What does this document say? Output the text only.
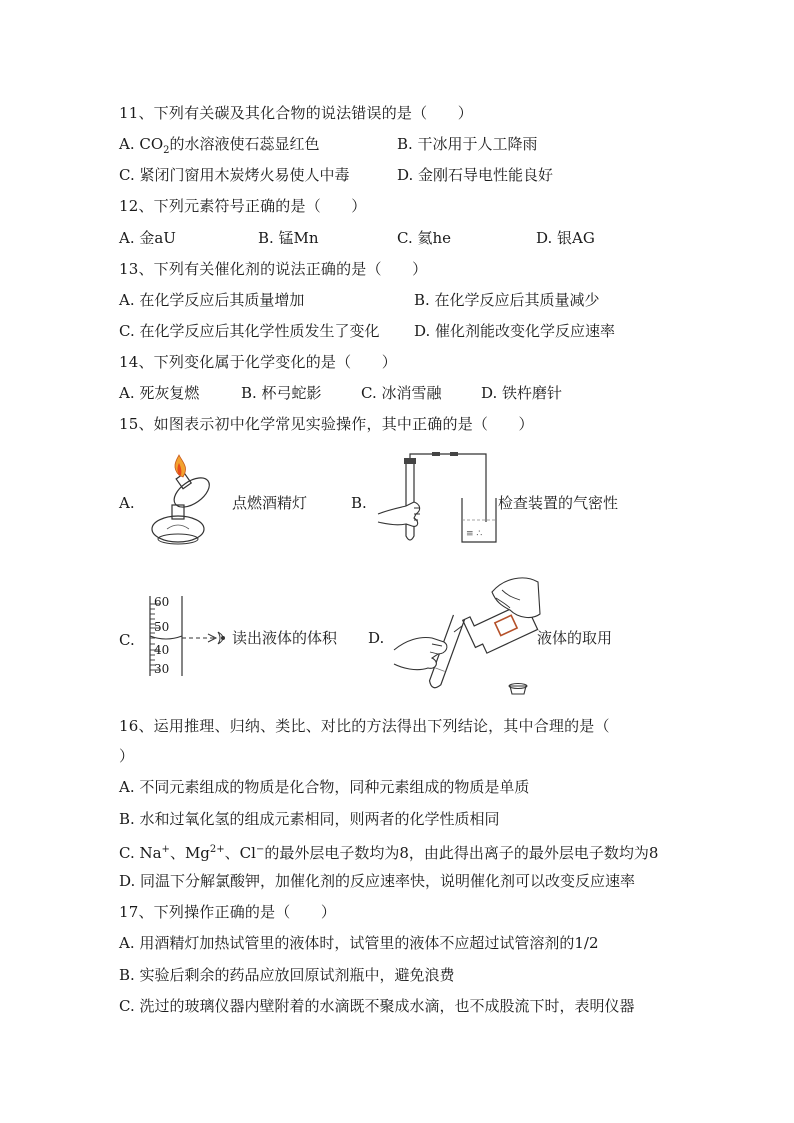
11、下列有关碳及其化合物的说法错误的是（　　）
A. $CO_2$的水溶液使石蕊显红色	B. 干冰用于人工降雨
C. 紧闭门窗用木炭烤火易使人中毒	D. 金刚石导电性能良好
12、下列元素符号正确的是（　　）
A. 金aU	B. 锰Mn	C. 氦he	D. 银AG
13、下列有关催化剂的说法正确的是（　　）
A. 在化学反应后其质量增加	B. 在化学反应后其质量减少
C. 在化学反应后其化学性质发生了变化 D. 催化剂能改变化学反应速率
14、下列变化属于化学变化的是（　　）
A. 死灰复燃	B. 杯弓蛇影	C. 冰消雪融	D. 铁杵磨针
15、如图表示初中化学常见实验操作，其中正确的是（　　）
A.	点燃酒精灯	B.
≡ ∴
检查装置的气密性
C.
60
50
40
30
读出液体的体积 D.	液体的取用
16、运用推理、归纳、类比、对比的方法得出下列结论，其中合理的是（
）
A. 不同元素组成的物质是化合物，同种元素组成的物质是单质
B. 水和过氧化氢的组成元素相同，则两者的化学性质相同
C. Na+、$Mg^{2+}$、Cl−的最外层电子数均为8，由此得出离子的最外层电子数均为8
D. 同温下分解氯酸钾，加催化剂的反应速率快，说明催化剂可以改变反应速率
17、下列操作正确的是（　　）
A. 用酒精灯加热试管里的液体时，试管里的液体不应超过试管溶剂的1/2
B. 实验后剩余的药品应放回原试剂瓶中，避免浪费
C. 洗过的玻璃仪器内壁附着的水滴既不聚成水滴，也不成股流下时，表明仪器
